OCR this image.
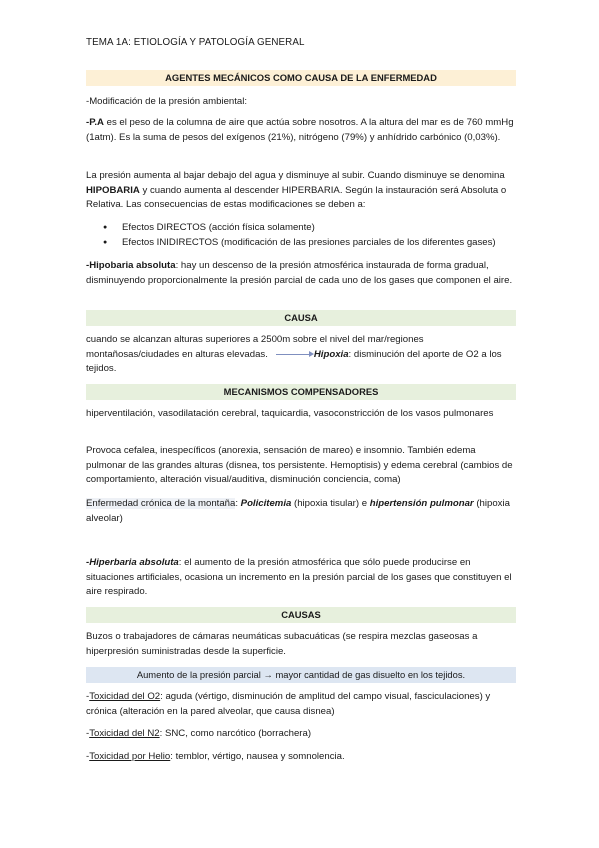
TEMA 1A: ETIOLOGÍA Y PATOLOGÍA GENERAL
AGENTES MECÁNICOS COMO CAUSA DE LA ENFERMEDAD

-Modificación de la presión ambiental:

-P.A es el peso de la columna de aire que actúa sobre nosotros. A la altura del mar es de 760 mmHg (1atm). Es la suma de pesos del exígenos (21%), nitrógeno (79%) y anhídrido carbónico (0,03%).

La presión aumenta al bajar debajo del agua y disminuye al subir. Cuando disminuye se denomina HIPOBARIA y cuando aumenta al descender HIPERBARIA. Según la instauración será Absoluta o Relativa. Las consecuencias de estas modificaciones se deben a:

● Efectos DIRECTOS (acción física solamente)
● Efectos INIDIRECTOS (modificación de las presiones parciales de los diferentes gases)

-Hipobaria absoluta: hay un descenso de la presión atmosférica instaurada de forma gradual, disminuyendo proporcionalmente la presión parcial de cada uno de los gases que componen el aire.

CAUSA

cuando se alcanzan alturas superiores a 2500m sobre el nivel del mar/regiones montañosas/ciudades en alturas elevadas.	Hipoxia: disminución del aporte de O2 a los tejidos.

MECANISMOS COMPENSADORES

hiperventilación, vasodilatación cerebral, taquicardia, vasoconstricción de los vasos pulmonares

Provoca cefalea, inespecíficos (anorexia, sensación de mareo) e insomnio. También edema pulmonar de las grandes alturas (disnea, tos persistente. Hemoptisis) y edema cerebral (cambios de comportamiento, alteración visual/auditiva, disminución conciencia, coma)

Enfermedad crónica de la montaña: Policitemia (hipoxia tisular) e hipertensión pulmonar (hipoxia alveolar)

-Hiperbaria absoluta: el aumento de la presión atmosférica que sólo puede producirse en situaciones artificiales, ocasiona un incremento en la presión parcial de los gases que constituyen el aire respirado.

CAUSAS

Buzos o trabajadores de cámaras neumáticas subacuáticas (se respira mezclas gaseosas a hiperpresión suministradas desde la superficie.

Aumento de la presión parcial → mayor cantidad de gas disuelto en los tejidos.

-Toxicidad del O2: aguda (vértigo, disminución de amplitud del campo visual, fasciculaciones) y crónica (alteración en la pared alveolar, que causa disnea)

-Toxicidad del N2: SNC, como narcótico (borrachera)

-Toxicidad por Helio: temblor, vértigo, nausea y somnolencia.
